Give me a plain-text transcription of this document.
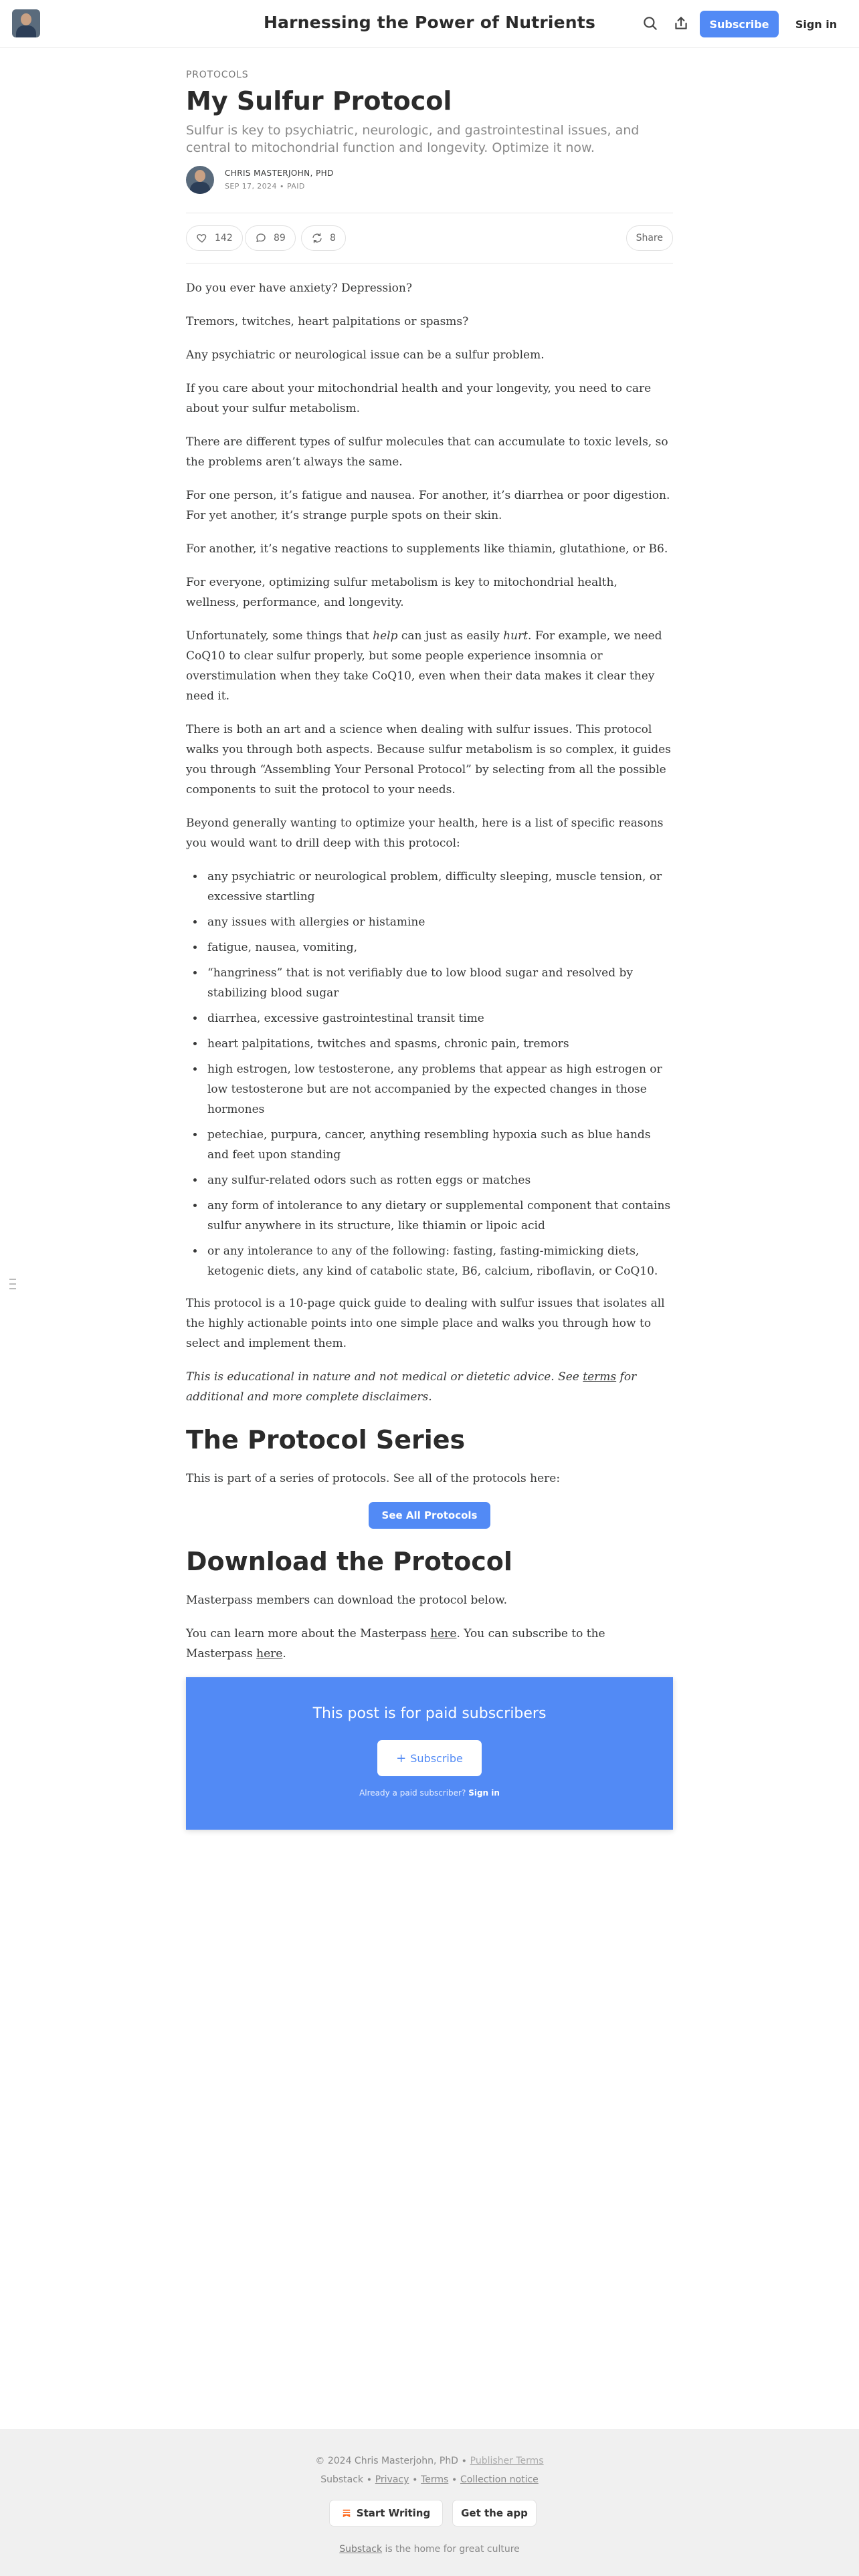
Harnessing the Power of Nutrients	Subscribe	Sign in
PROTOCOLS
My Sulfur Protocol
Sulfur is key to psychiatric, neurologic, and gastrointestinal issues, and central to mitochondrial function and longevity. Optimize it now.
CHRIS MASTERJOHN, PHD
SEP 17, 2024 ∙ PAID
142	89	8	Share

Do you ever have anxiety? Depression?

Tremors, twitches, heart palpitations or spasms?

Any psychiatric or neurological issue can be a sulfur problem.

If you care about your mitochondrial health and your longevity, you need to care about your sulfur metabolism.

There are different types of sulfur molecules that can accumulate to toxic levels, so the problems aren’t always the same.

For one person, it’s fatigue and nausea. For another, it’s diarrhea or poor digestion. For yet another, it’s strange purple spots on their skin.

For another, it’s negative reactions to supplements like thiamin, glutathione, or B6.

For everyone, optimizing sulfur metabolism is key to mitochondrial health, wellness, performance, and longevity.

Unfortunately, some things that help can just as easily hurt. For example, we need CoQ10 to clear sulfur properly, but some people experience insomnia or overstimulation when they take CoQ10, even when their data makes it clear they need it.

There is both an art and a science when dealing with sulfur issues. This protocol walks you through both aspects. Because sulfur metabolism is so complex, it guides you through “Assembling Your Personal Protocol” by selecting from all the possible components to suit the protocol to your needs.

Beyond generally wanting to optimize your health, here is a list of specific reasons you would want to drill deep with this protocol:

• any psychiatric or neurological problem, difficulty sleeping, muscle tension, or excessive startling
• any issues with allergies or histamine
• fatigue, nausea, vomiting,
• “hangriness” that is not verifiably due to low blood sugar and resolved by stabilizing blood sugar
• diarrhea, excessive gastrointestinal transit time
• heart palpitations, twitches and spasms, chronic pain, tremors
• high estrogen, low testosterone, any problems that appear as high estrogen or low testosterone but are not accompanied by the expected changes in those hormones
• petechiae, purpura, cancer, anything resembling hypoxia such as blue hands and feet upon standing
• any sulfur-related odors such as rotten eggs or matches
• any form of intolerance to any dietary or supplemental component that contains sulfur anywhere in its structure, like thiamin or lipoic acid
• or any intolerance to any of the following: fasting, fasting-mimicking diets, ketogenic diets, any kind of catabolic state, B6, calcium, riboflavin, or CoQ10.

This protocol is a 10-page quick guide to dealing with sulfur issues that isolates all the highly actionable points into one simple place and walks you through how to select and implement them.

This is educational in nature and not medical or dietetic advice. See terms for additional and more complete disclaimers.

The Protocol Series

This is part of a series of protocols. See all of the protocols here:

See All Protocols
Download the Protocol

Masterpass members can download the protocol below.

You can learn more about the Masterpass here. You can subscribe to the Masterpass here.

This post is for paid subscribers
+ Subscribe
Already a paid subscriber? Sign in
© 2024 Chris Masterjohn, PhD ∙ Publisher Terms
Substack ∙ Privacy ∙ Terms ∙ Collection notice
Start Writing	Get the app
Substack is the home for great culture
